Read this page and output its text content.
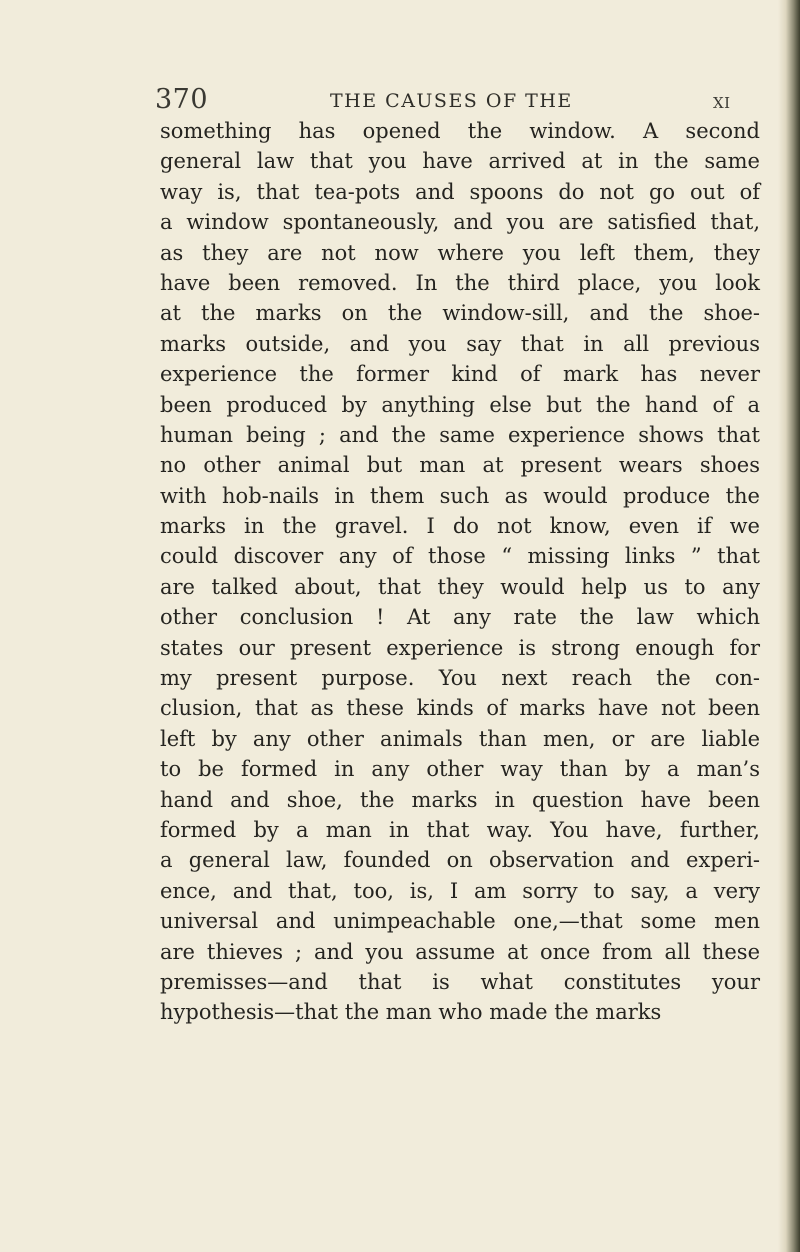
370	THE CAUSES OF THE	XI
something has opened the window. A second
general law that you have arrived at in the same
way is, that tea-pots and spoons do not go out of
a window spontaneously, and you are satisfied that,
as they are not now where you left them, they
have been removed. In the third place, you look
at the marks on the window-sill, and the shoe-
marks outside, and you say that in all previous
experience the former kind of mark has never
been produced by anything else but the hand of a
human being ; and the same experience shows that
no other animal but man at present wears shoes
with hob-nails in them such as would produce the
marks in the gravel. I do not know, even if we
could discover any of those “ missing links ” that
are talked about, that they would help us to any
other conclusion ! At any rate the law which
states our present experience is strong enough for
my present purpose. You next reach the con-
clusion, that as these kinds of marks have not been
left by any other animals than men, or are liable
to be formed in any other way than by a man’s
hand and shoe, the marks in question have been
formed by a man in that way. You have, further,
a general law, founded on observation and experi-
ence, and that, too, is, I am sorry to say, a very
universal and unimpeachable one,—that some men
are thieves ; and you assume at once from all these
premisses—and that is what constitutes your
hypothesis—that the man who made the marks
